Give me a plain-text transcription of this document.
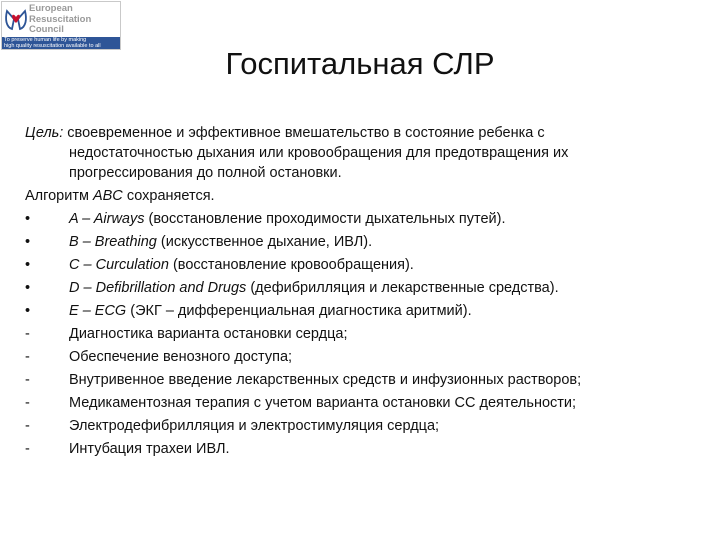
European
Resuscitation
Council
To preserve human life by making
high quality resuscitation available to all	Госпитальная СЛР
Цель: своевременное и эффективное вмешательство в состояние ребенка с
недостаточностью дыхания или кровообращения для предотвращения их
прогрессирования до полной остановки.
Алгоритм ABC сохраняется.
•	A – Airways (восстановление проходимости дыхательных путей).
•	B – Breathing (искусственное дыхание, ИВЛ).
•	C – Curculation (восстановление кровообращения).
•	D – Defibrillation and Drugs (дефибрилляция и лекарственные средства).
•	E – ECG (ЭКГ – дифференциальная диагностика аритмий).
-	Диагностика варианта остановки сердца;
-	Обеспечение венозного доступа;
-	Внутривенное введение лекарственных средств и инфузионных растворов;
-	Медикаментозная терапия с учетом варианта остановки СС деятельности;
-	Электродефибрилляция и электростимуляция сердца;
-	Интубация трахеи ИВЛ.
